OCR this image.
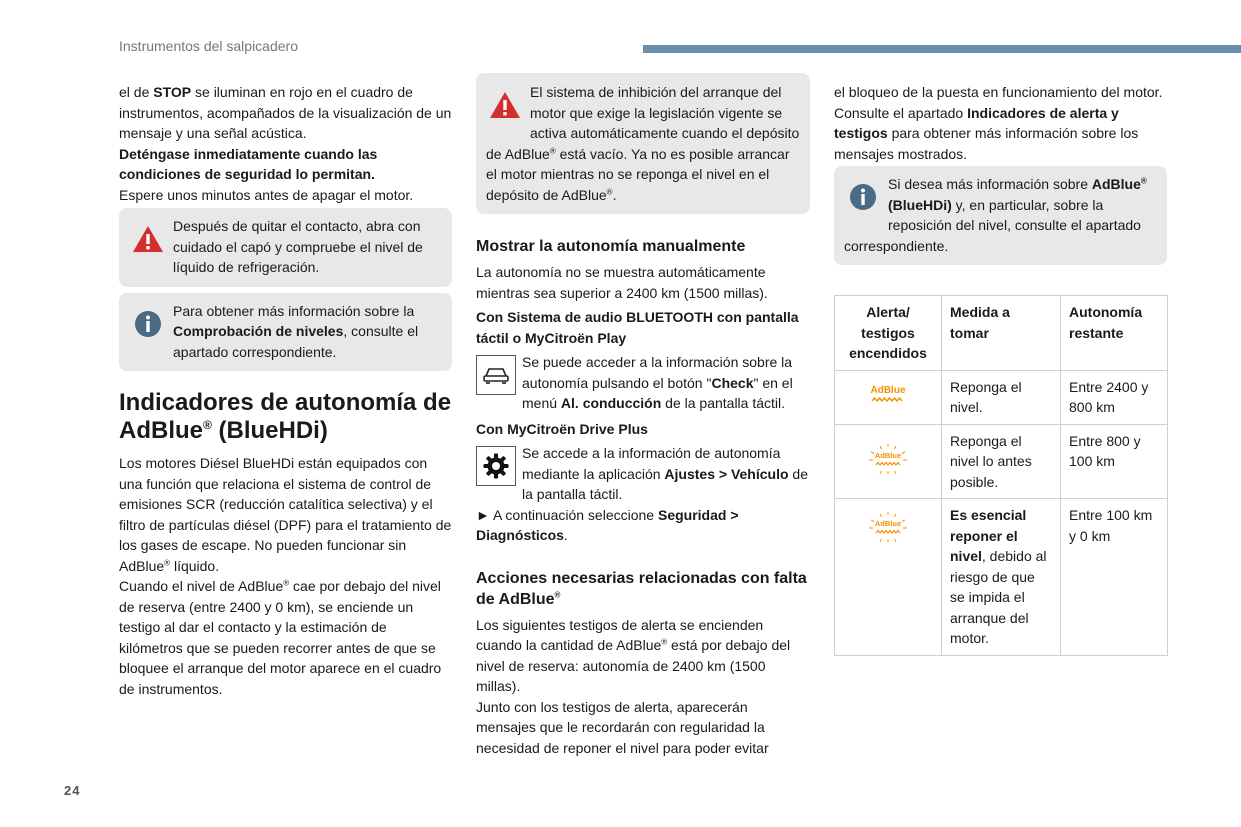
Instrumentos del salpicadero

el de STOP se iluminan en rojo en el cuadro de instrumentos, acompañados de la visualización de un mensaje y una señal acústica.

Deténgase inmediatamente cuando las condiciones de seguridad lo permitan.

Espere unos minutos antes de apagar el motor.

Después de quitar el contacto, abra con cuidado el capó y compruebe el nivel de líquido de refrigeración.
Para obtener más información sobre la Comprobación de niveles, consulte el apartado correspondiente.
Indicadores de autonomía de AdBlue® (BlueHDi)

Los motores Diésel BlueHDi están equipados con una función que relaciona el sistema de control de emisiones SCR (reducción catalítica selectiva) y el filtro de partículas diésel (DPF) para el tratamiento de los gases de escape. No pueden funcionar sin AdBlue® líquido.

Cuando el nivel de AdBlue® cae por debajo del nivel de reserva (entre 2400 y 0 km), se enciende un testigo al dar el contacto y la estimación de kilómetros que se pueden recorrer antes de que se bloquee el arranque del motor aparece en el cuadro de instrumentos.

El sistema de inhibición del arranque del motor que exige la legislación vigente se activa automáticamente cuando el depósito de AdBlue® está vacío. Ya no es posible arrancar el motor mientras no se reponga el nivel en el depósito de AdBlue®.
Mostrar la autonomía manualmente

La autonomía no se muestra automáticamente mientras sea superior a 2400 km (1500 millas).

Con Sistema de audio BLUETOOTH con pantalla táctil o MyCitroën Play

Se puede acceder a la información sobre la autonomía pulsando el botón "Check" en el menú Al. conducción de la pantalla táctil.

Con MyCitroën Drive Plus

Se accede a la información de autonomía mediante la aplicación Ajustes > Vehículo de la pantalla táctil.

► A continuación seleccione Seguridad > Diagnósticos.

Acciones necesarias relacionadas con falta de AdBlue®

Los siguientes testigos de alerta se encienden cuando la cantidad de AdBlue® está por debajo del nivel de reserva: autonomía de 2400 km (1500 millas).

Junto con los testigos de alerta, aparecerán mensajes que le recordarán con regularidad la necesidad de reponer el nivel para poder evitar

el bloqueo de la puesta en funcionamiento del motor. Consulte el apartado Indicadores de alerta y testigos para obtener más información sobre los mensajes mostrados.

Si desea más información sobre AdBlue® (BlueHDi) y, en particular, sobre la reposición del nivel, consulte el apartado correspondiente.
Alerta/ testigos encendidos	Medida a tomar	Autonomía restante

AdBlue	Reponga el nivel.	Entre 2400 y 800 km

AdBlue	Reponga el nivel lo antes posible.	Entre 800 y 100 km

AdBlue	Es esencial reponer el nivel, debido al riesgo de que se impida el arranque del motor.	Entre 100 km y 0 km
24
